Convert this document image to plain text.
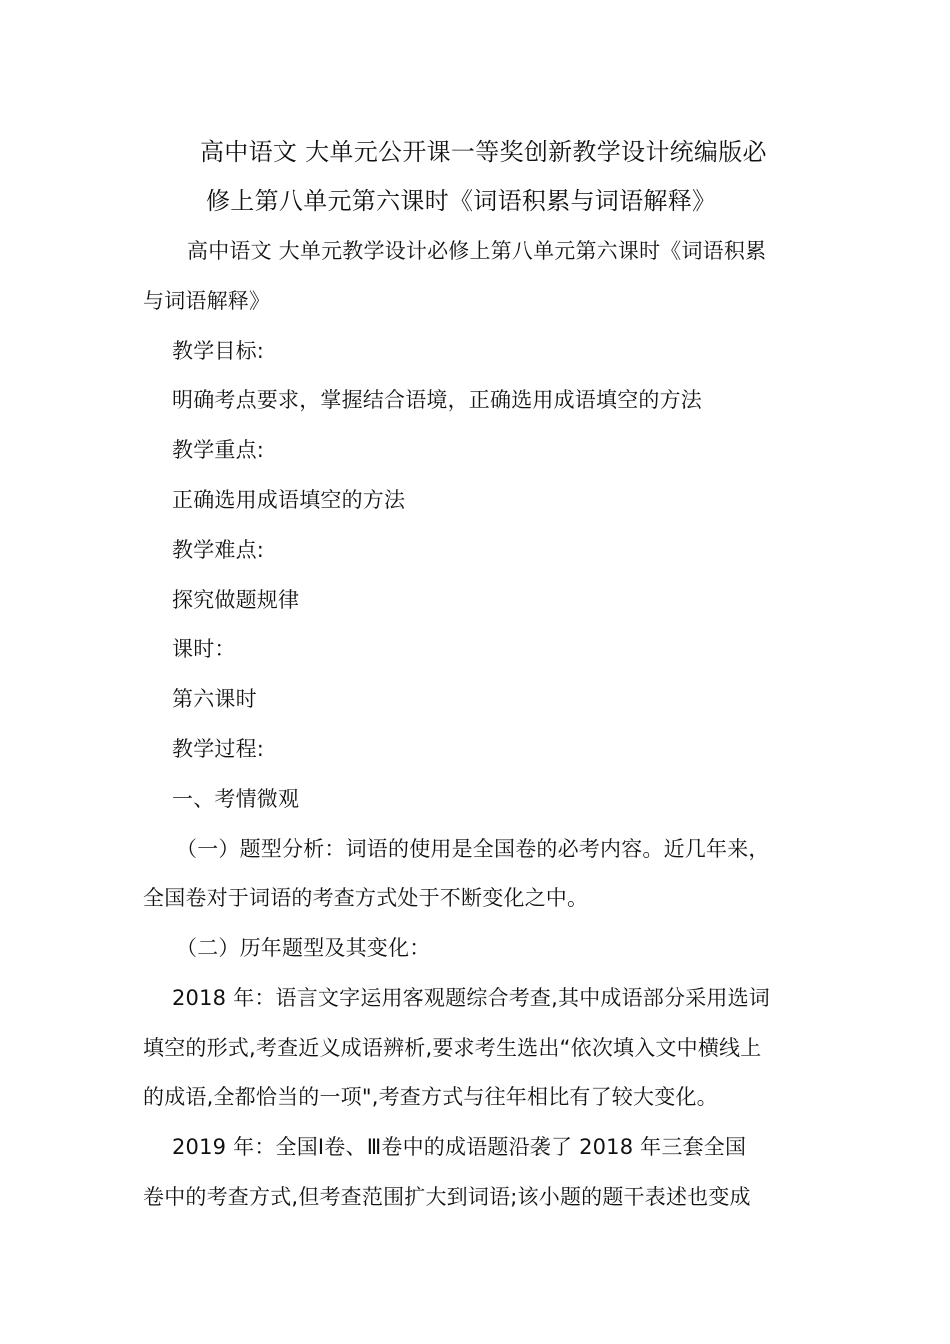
高中语文 大单元公开课一等奖创新教学设计统编版必
修上第八单元第六课时《词语积累与词语解释》
高中语文 大单元教学设计必修上第八单元第六课时《词语积累
与词语解释》
教学目标:
明确考点要求，掌握结合语境，正确选用成语填空的方法
教学重点:
正确选用成语填空的方法
教学难点:
探究做题规律
课时：
第六课时
教学过程:
一、考情微观
（一）题型分析：词语的使用是全国卷的必考内容。近几年来，
全国卷对于词语的考查方式处于不断变化之中。
（二）历年题型及其变化：
2018 年：语言文字运用客观题综合考查,其中成语部分采用选词
填空的形式,考查近义成语辨析,要求考生选出“依次填入文中横线上
的成语,全都恰当的一项",考查方式与往年相比有了较大变化。
2019 年：全国Ⅰ卷、Ⅲ卷中的成语题沿袭了 2018 年三套全国
卷中的考查方式,但考查范围扩大到词语;该小题的题干表述也变成
